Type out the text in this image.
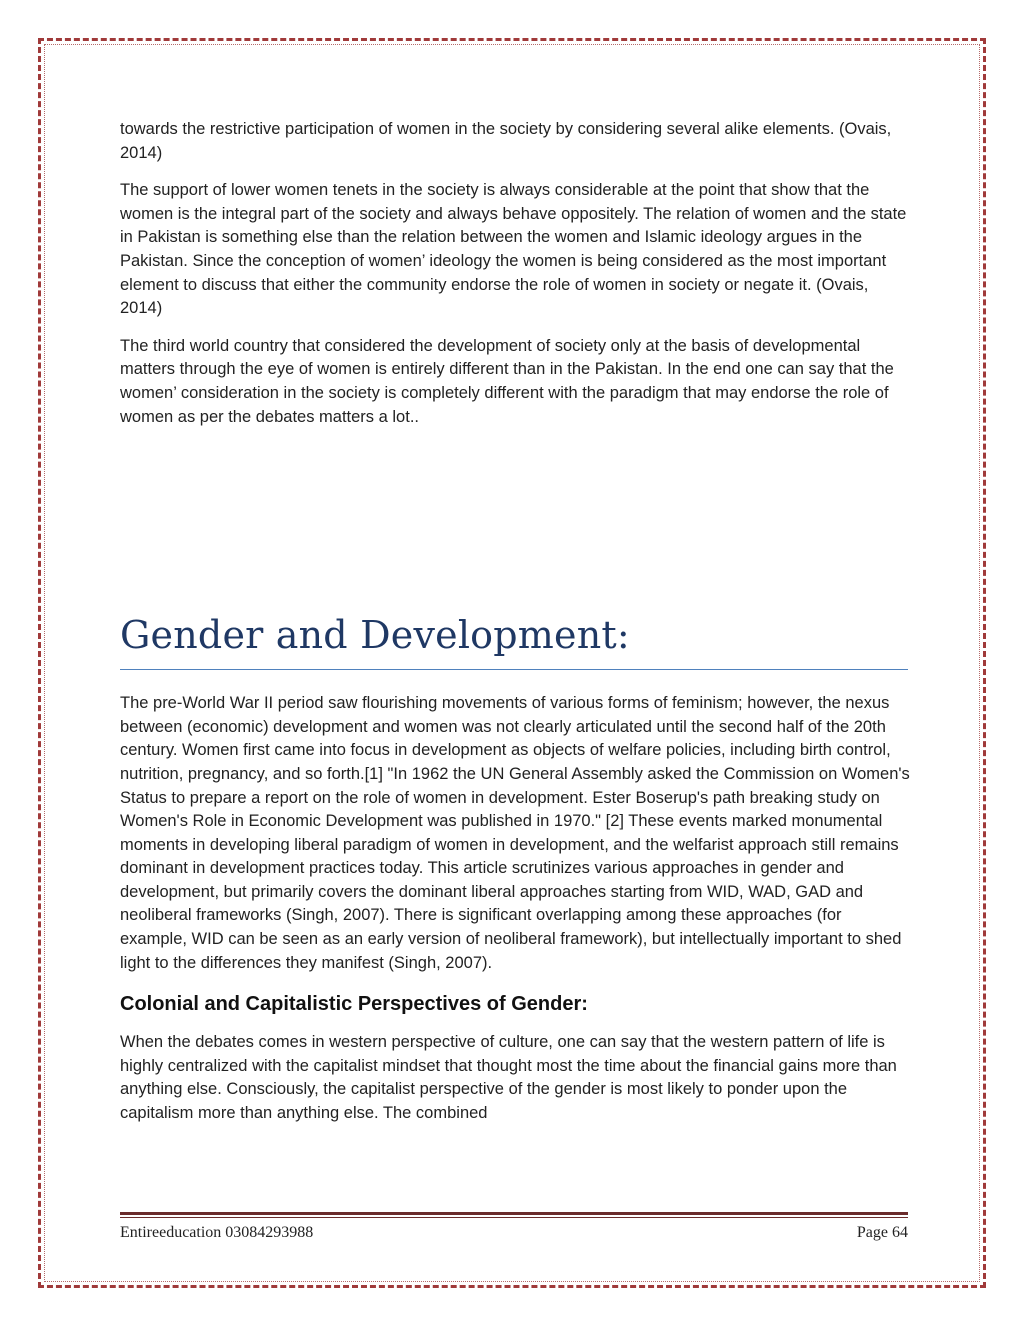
towards the restrictive participation of women in the society by considering several alike elements. (Ovais, 2014)

The support of lower women tenets in the society is always considerable at the point that show that the women is the integral part of the society and always behave oppositely. The relation of women and the state in Pakistan is something else than the relation between the women and Islamic ideology argues in the Pakistan. Since the conception of women’ ideology the women is being considered as the most important element to discuss that either the community endorse the role of women in society or negate it. (Ovais, 2014)

The third world country that considered the development of society only at the basis of developmental matters through the eye of women is entirely different than in the Pakistan. In the end one can say that the women’ consideration in the society is completely different with the paradigm that may endorse the role of women as per the debates matters a lot..

Gender and Development:

The pre-World War II period saw flourishing movements of various forms of feminism; however, the nexus between (economic) development and women was not clearly articulated until the second half of the 20th century. Women first came into focus in development as objects of welfare policies, including birth control, nutrition, pregnancy, and so forth.[1] "In 1962 the UN General Assembly asked the Commission on Women's Status to prepare a report on the role of women in development. Ester Boserup's path breaking study on Women's Role in Economic Development was published in 1970." [2] These events marked monumental moments in developing liberal paradigm of women in development, and the welfarist approach still remains dominant in development practices today. This article scrutinizes various approaches in gender and development, but primarily covers the dominant liberal approaches starting from WID, WAD, GAD and neoliberal frameworks (Singh, 2007). There is significant overlapping among these approaches (for example, WID can be seen as an early version of neoliberal framework), but intellectually important to shed light to the differences they manifest (Singh, 2007).

Colonial and Capitalistic Perspectives of Gender:

When the debates comes in western perspective of culture, one can say that the western pattern of life is highly centralized with the capitalist mindset that thought most the time about the financial gains more than anything else. Consciously, the capitalist perspective of the gender is most likely to ponder upon the capitalism more than anything else. The combined

Entireeducation 03084293988	Page 64
